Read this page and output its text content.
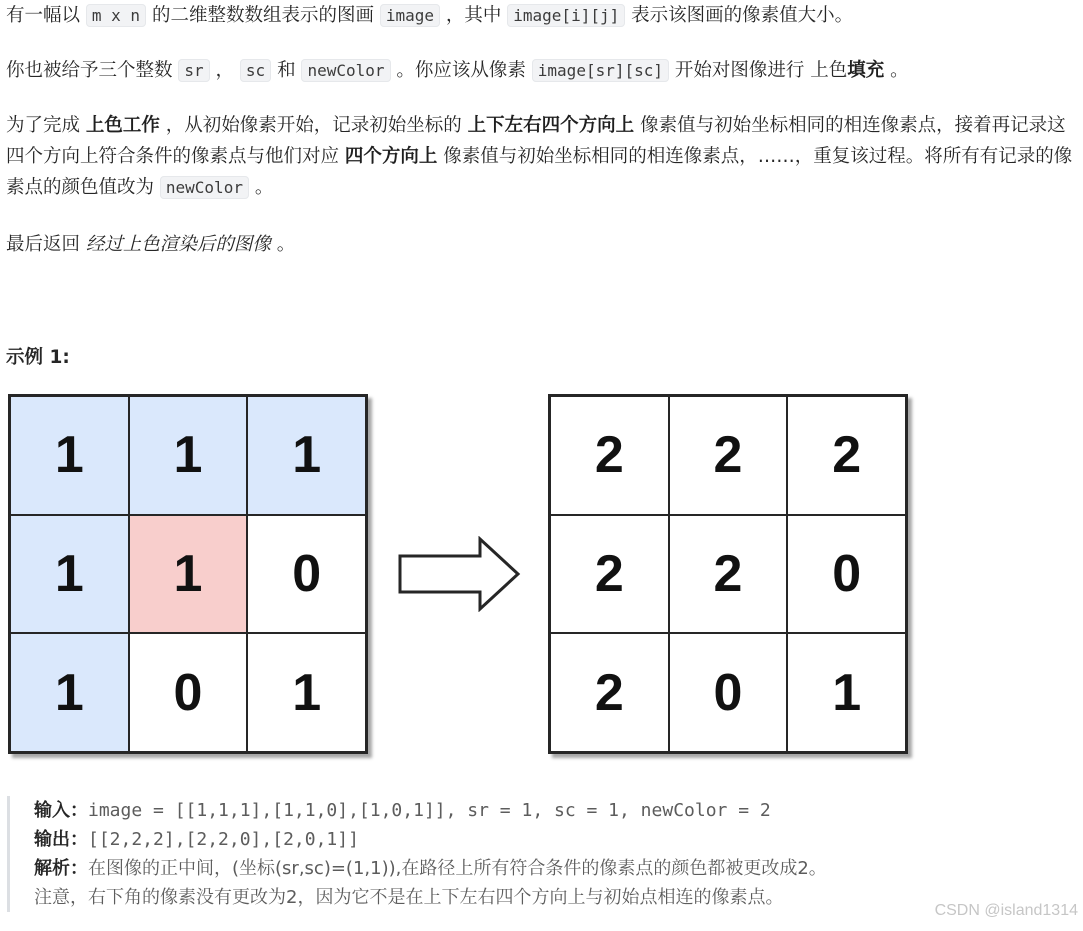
有一幅以 m x n 的二维整数数组表示的图画 image ，其中 image[i][j] 表示该图画的像素值大小。

你也被给予三个整数 sr ， sc 和 newColor 。你应该从像素 image[sr][sc] 开始对图像进行 上色填充 。

为了完成 上色工作 ，从初始像素开始，记录初始坐标的 上下左右四个方向上 像素值与初始坐标相同的相连像素点，接着再记录这四个方向上符合条件的像素点与他们对应 四个方向上 像素值与初始坐标相同的相连像素点，……，重复该过程。将所有有记录的像素点的颜色值改为 newColor 。

最后返回 经过上色渲染后的图像 。

示例 1:

1	1	1
1	1	0
1	0	1
2	2	2
2	2	0
2	0	1
输入：image = [[1,1,1],[1,1,0],[1,0,1]], sr = 1, sc = 1, newColor = 2
输出：[[2,2,2],[2,2,0],[2,0,1]]
解析：在图像的正中间，(坐标(sr,sc)=(1,1)),在路径上所有符合条件的像素点的颜色都被更改成2。
注意，右下角的像素没有更改为2，因为它不是在上下左右四个方向上与初始点相连的像素点。
CSDN @island1314
